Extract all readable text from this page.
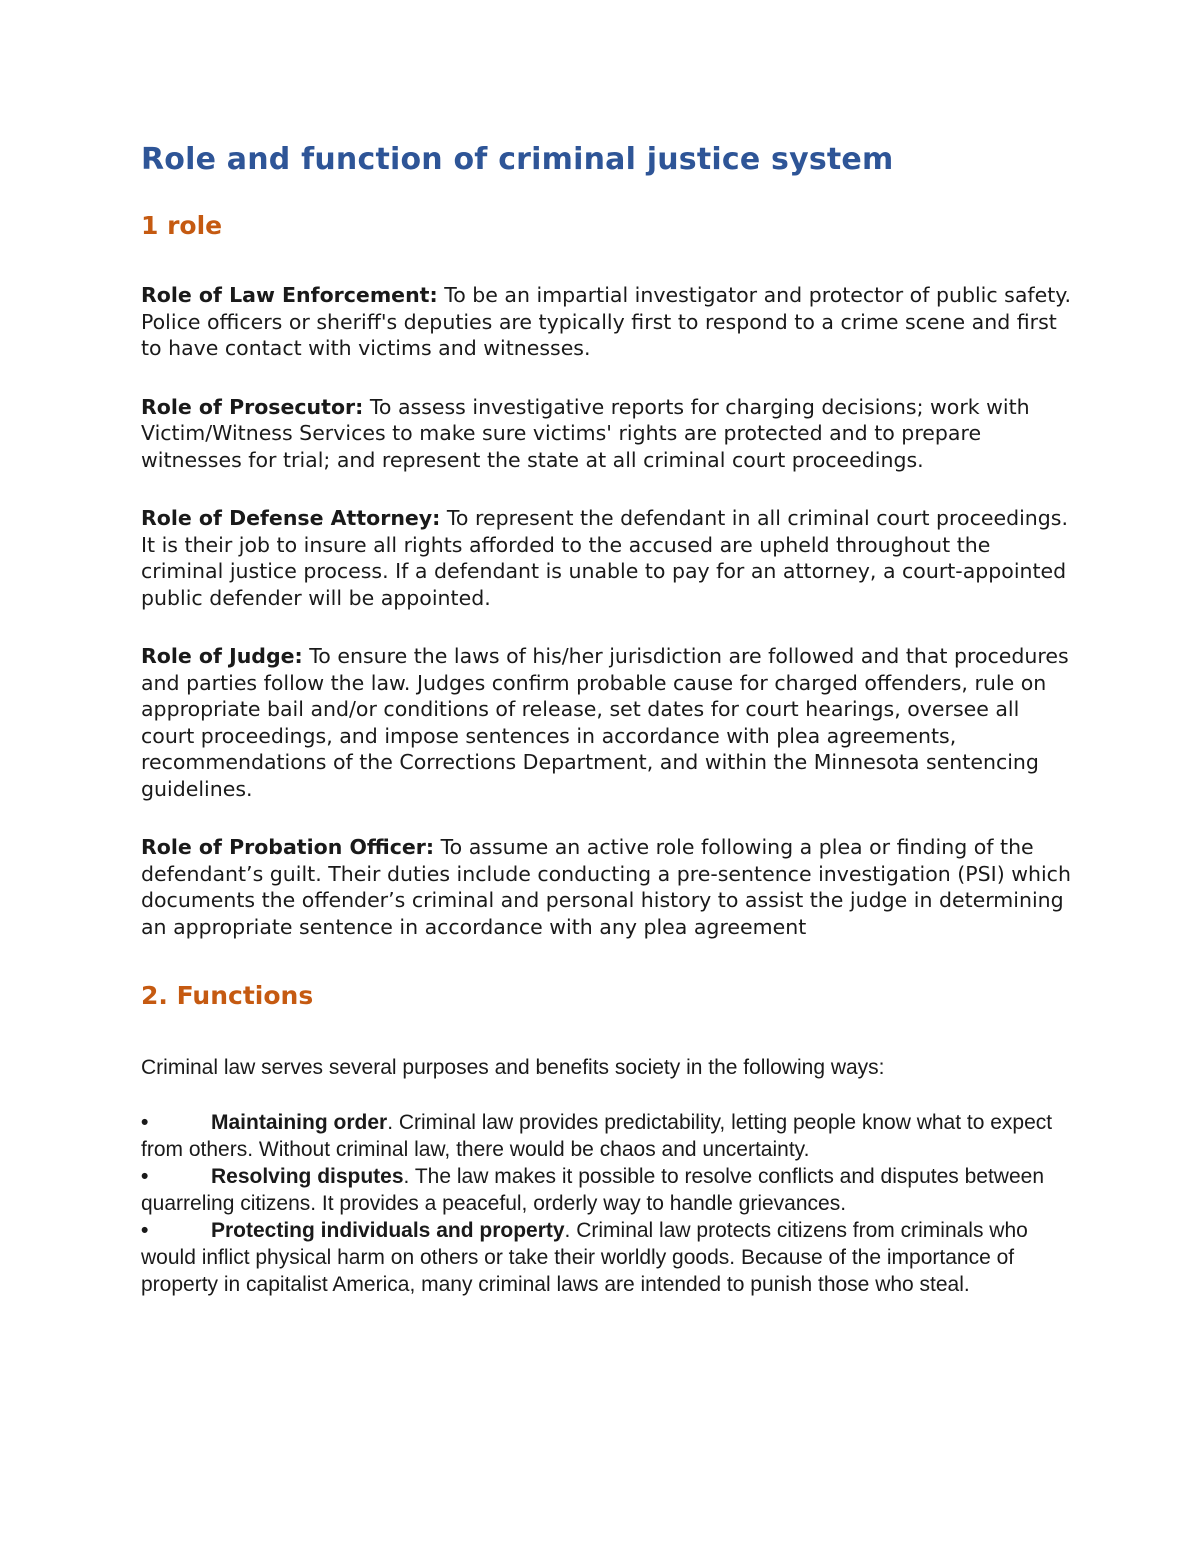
Role and function of criminal justice system
1 role

Role of Law Enforcement: To be an impartial investigator and protector of public safety. Police officers or sheriff's deputies are typically first to respond to a crime scene and first to have contact with victims and witnesses.

Role of Prosecutor: To assess investigative reports for charging decisions; work with Victim/Witness Services to make sure victims' rights are protected and to prepare witnesses for trial; and represent the state at all criminal court proceedings.

Role of Defense Attorney: To represent the defendant in all criminal court proceedings. It is their job to insure all rights afforded to the accused are upheld throughout the criminal justice process. If a defendant is unable to pay for an attorney, a court-appointed public defender will be appointed.

Role of Judge: To ensure the laws of his/her jurisdiction are followed and that procedures and parties follow the law. Judges confirm probable cause for charged offenders, rule on appropriate bail and/or conditions of release, set dates for court hearings, oversee all court proceedings, and impose sentences in accordance with plea agreements, recommendations of the Corrections Department, and within the Minnesota sentencing guidelines.

Role of Probation Officer: To assume an active role following a plea or finding of the defendant’s guilt. Their duties include conducting a pre-sentence investigation (PSI) which documents the offender’s criminal and personal history to assist the judge in determining an appropriate sentence in accordance with any plea agreement

2. Functions

Criminal law serves several purposes and benefits society in the following ways:

•	Maintaining order. Criminal law provides predictability, letting people know what to expect from others. Without criminal law, there would be chaos and uncertainty.

•	Resolving disputes. The law makes it possible to resolve conflicts and disputes between quarreling citizens. It provides a peaceful, orderly way to handle grievances.

•	Protecting individuals and property. Criminal law protects citizens from criminals who would inflict physical harm on others or take their worldly goods. Because of the importance of property in capitalist America, many criminal laws are intended to punish those who steal.
